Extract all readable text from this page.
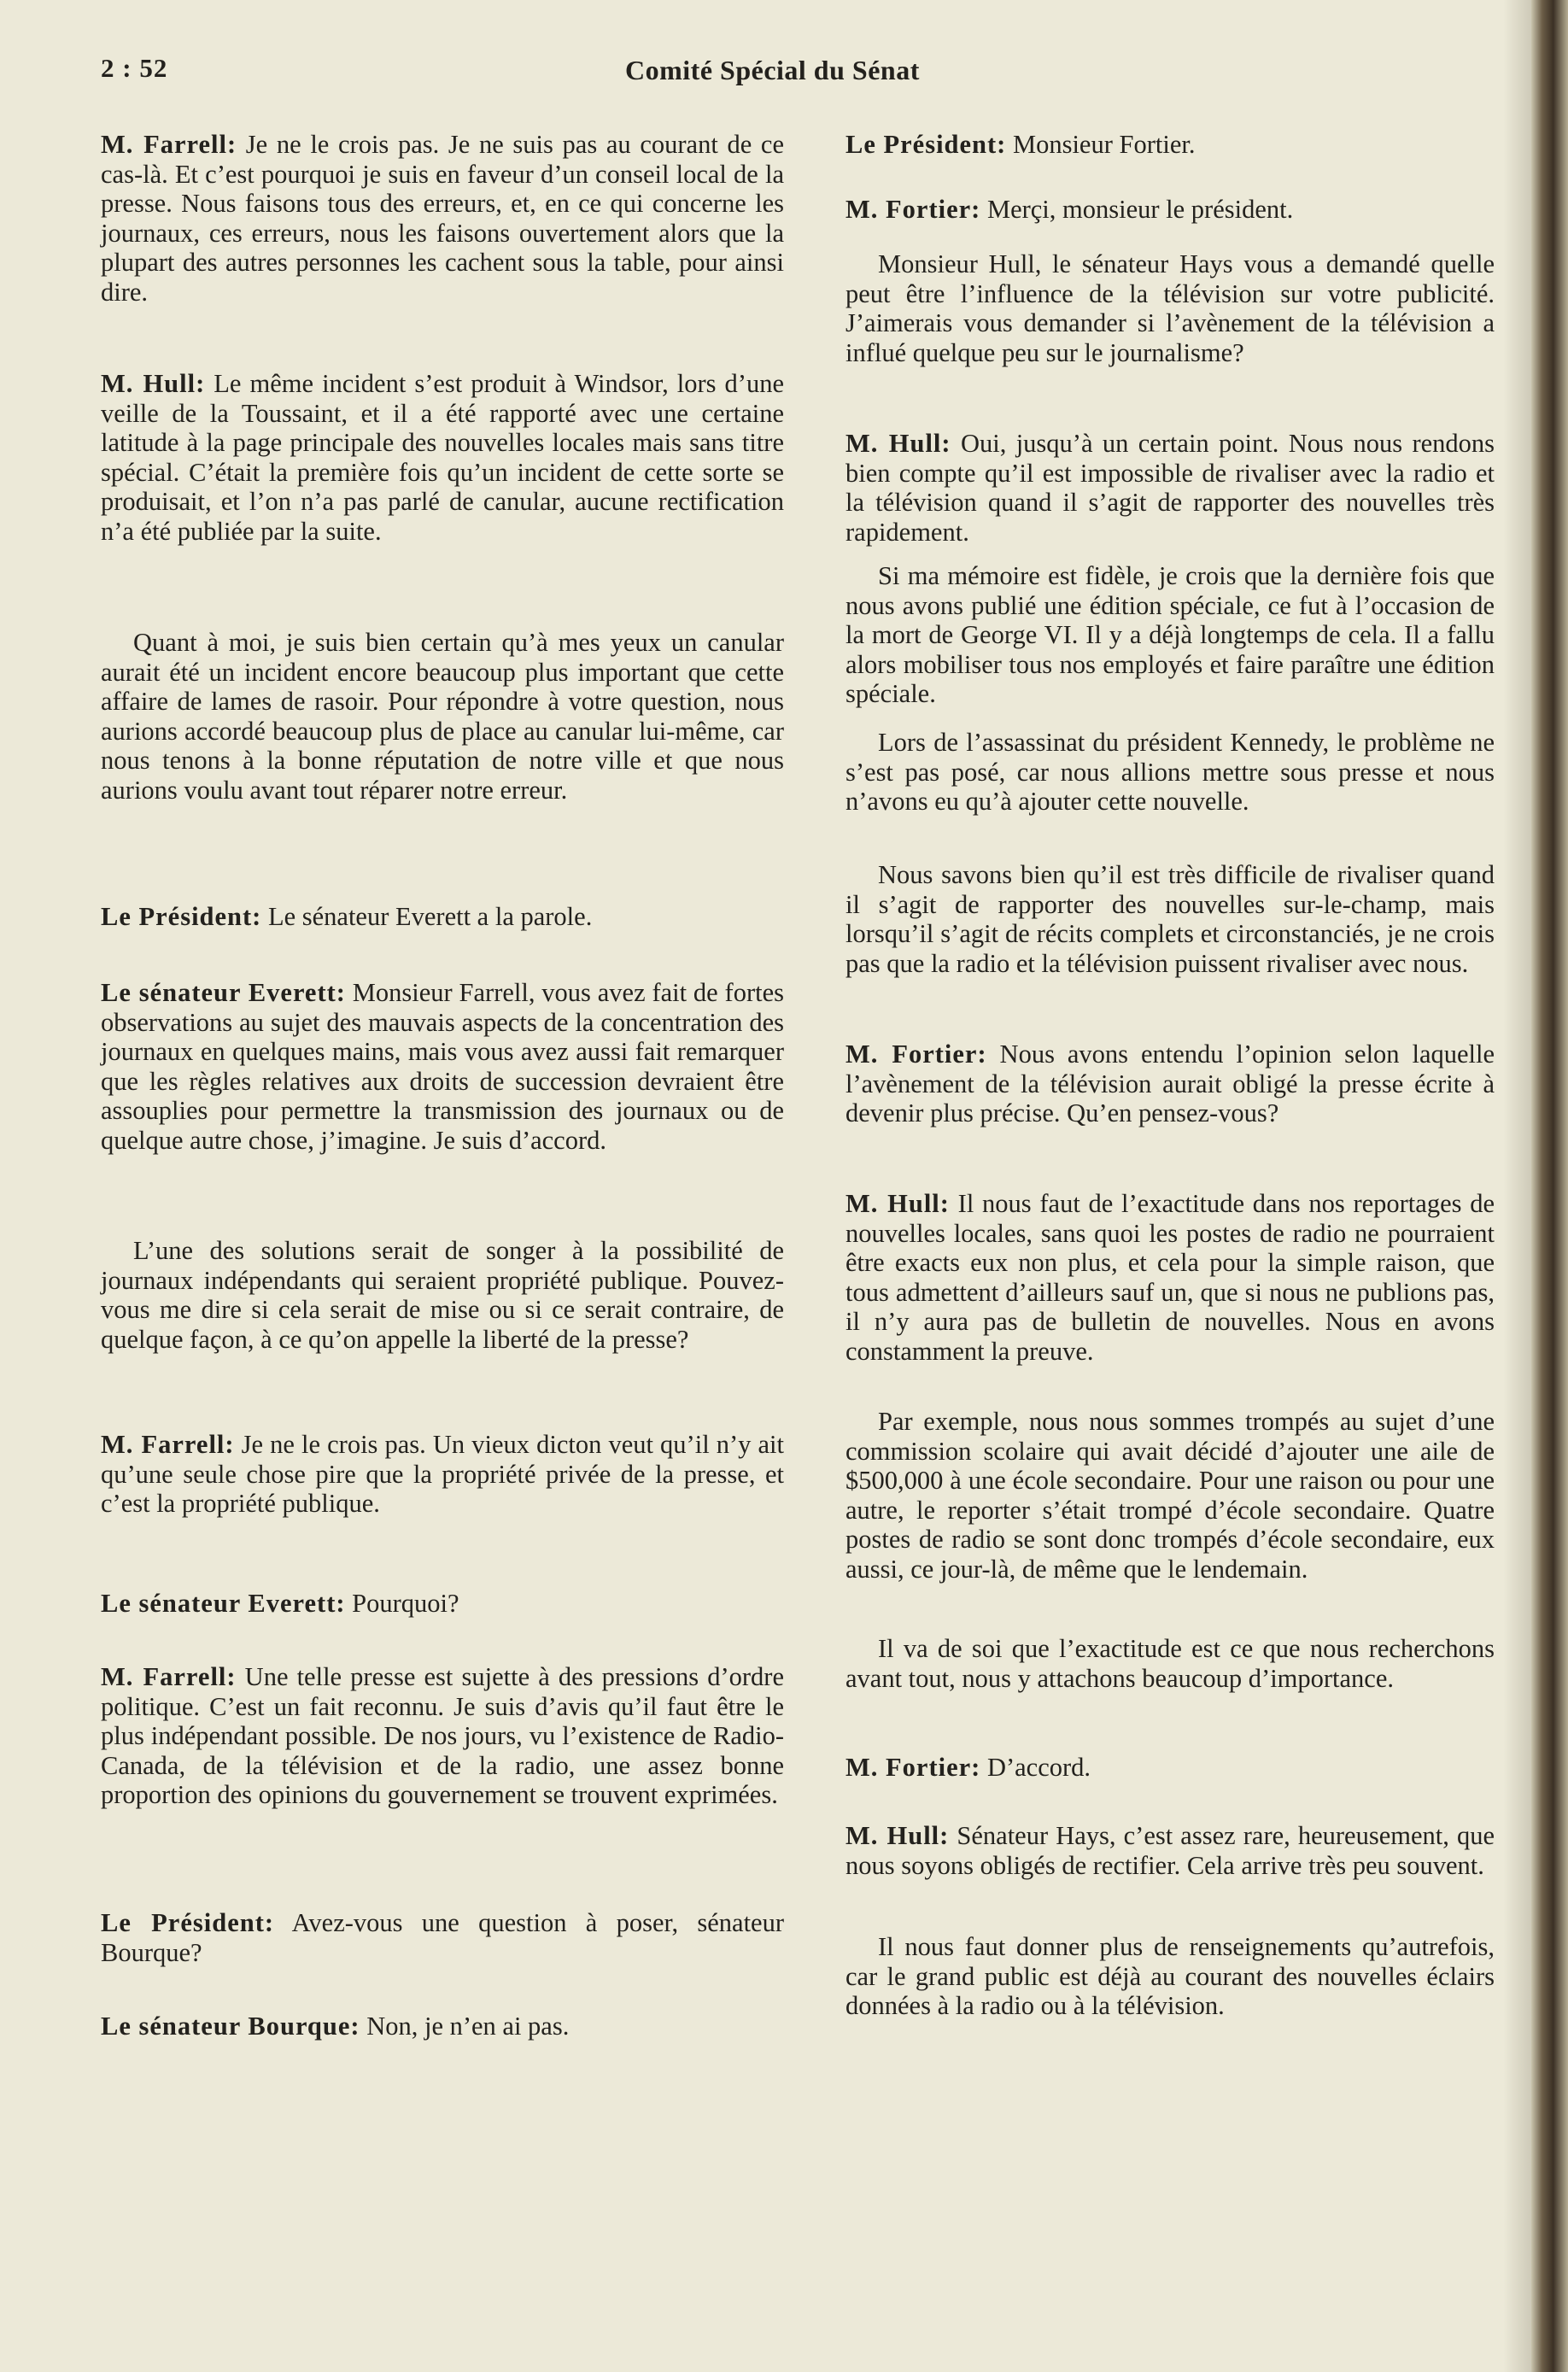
2 : 52	Comité Spécial du Sénat

M. Farrell: Je ne le crois pas. Je ne suis pas au courant de ce cas-là. Et c’est pourquoi je suis en faveur d’un conseil local de la presse. Nous faisons tous des erreurs, et, en ce qui concerne les journaux, ces erreurs, nous les faisons ouvertement alors que la plupart des autres personnes les cachent sous la table, pour ainsi dire.

M. Hull: Le même incident s’est produit à Windsor, lors d’une veille de la Toussaint, et il a été rapporté avec une certaine latitude à la page principale des nouvelles locales mais sans titre spécial. C’était la première fois qu’un incident de cette sorte se produisait, et l’on n’a pas parlé de canular, aucune rectification n’a été publiée par la suite.

Quant à moi, je suis bien certain qu’à mes yeux un canular aurait été un incident encore beaucoup plus important que cette affaire de lames de rasoir. Pour répondre à votre question, nous aurions accordé beaucoup plus de place au canular lui-même, car nous tenons à la bonne réputation de notre ville et que nous aurions voulu avant tout réparer notre erreur.

Le Président: Le sénateur Everett a la parole.

Le sénateur Everett: Monsieur Farrell, vous avez fait de fortes observations au sujet des mauvais aspects de la concentration des journaux en quelques mains, mais vous avez aussi fait remarquer que les règles relatives aux droits de succession devraient être assouplies pour permettre la transmission des journaux ou de quelque autre chose, j’imagine. Je suis d’accord.

L’une des solutions serait de songer à la possibilité de journaux indépendants qui seraient propriété publique. Pouvez-vous me dire si cela serait de mise ou si ce serait contraire, de quelque façon, à ce qu’on appelle la liberté de la presse?

M. Farrell: Je ne le crois pas. Un vieux dicton veut qu’il n’y ait qu’une seule chose pire que la propriété privée de la presse, et c’est la propriété publique.

Le sénateur Everett: Pourquoi?

M. Farrell: Une telle presse est sujette à des pressions d’ordre politique. C’est un fait reconnu. Je suis d’avis qu’il faut être le plus indépendant possible. De nos jours, vu l’existence de Radio-Canada, de la télévision et de la radio, une assez bonne proportion des opinions du gouvernement se trouvent exprimées.

Le Président: Avez-vous une question à poser, sénateur Bourque?

Le sénateur Bourque: Non, je n’en ai pas.

Le Président: Monsieur Fortier.

M. Fortier: Merçi, monsieur le président.

Monsieur Hull, le sénateur Hays vous a demandé quelle peut être l’influence de la télévision sur votre publicité. J’aimerais vous demander si l’avènement de la télévision a influé quelque peu sur le journalisme?

M. Hull: Oui, jusqu’à un certain point. Nous nous rendons bien compte qu’il est impossible de rivaliser avec la radio et la télévision quand il s’agit de rapporter des nouvelles très rapidement.

Si ma mémoire est fidèle, je crois que la dernière fois que nous avons publié une édition spéciale, ce fut à l’occasion de la mort de George VI. Il y a déjà longtemps de cela. Il a fallu alors mobiliser tous nos employés et faire paraître une édition spéciale.

Lors de l’assassinat du président Kennedy, le problème ne s’est pas posé, car nous allions mettre sous presse et nous n’avons eu qu’à ajouter cette nouvelle.

Nous savons bien qu’il est très difficile de rivaliser quand il s’agit de rapporter des nouvelles sur-le-champ, mais lorsqu’il s’agit de récits complets et circonstanciés, je ne crois pas que la radio et la télévision puissent rivaliser avec nous.

M. Fortier: Nous avons entendu l’opinion selon laquelle l’avènement de la télévision aurait obligé la presse écrite à devenir plus précise. Qu’en pensez-vous?

M. Hull: Il nous faut de l’exactitude dans nos reportages de nouvelles locales, sans quoi les postes de radio ne pourraient être exacts eux non plus, et cela pour la simple raison, que tous admettent d’ailleurs sauf un, que si nous ne publions pas, il n’y aura pas de bulletin de nouvelles. Nous en avons constamment la preuve.

Par exemple, nous nous sommes trompés au sujet d’une commission scolaire qui avait décidé d’ajouter une aile de $500,000 à une école secondaire. Pour une raison ou pour une autre, le reporter s’était trompé d’école secondaire. Quatre postes de radio se sont donc trompés d’école secondaire, eux aussi, ce jour-là, de même que le lendemain.

Il va de soi que l’exactitude est ce que nous recherchons avant tout, nous y attachons beaucoup d’importance.

M. Fortier: D’accord.

M. Hull: Sénateur Hays, c’est assez rare, heureusement, que nous soyons obligés de rectifier. Cela arrive très peu souvent.

Il nous faut donner plus de renseignements qu’autrefois, car le grand public est déjà au courant des nouvelles éclairs données à la radio ou à la télévision.
